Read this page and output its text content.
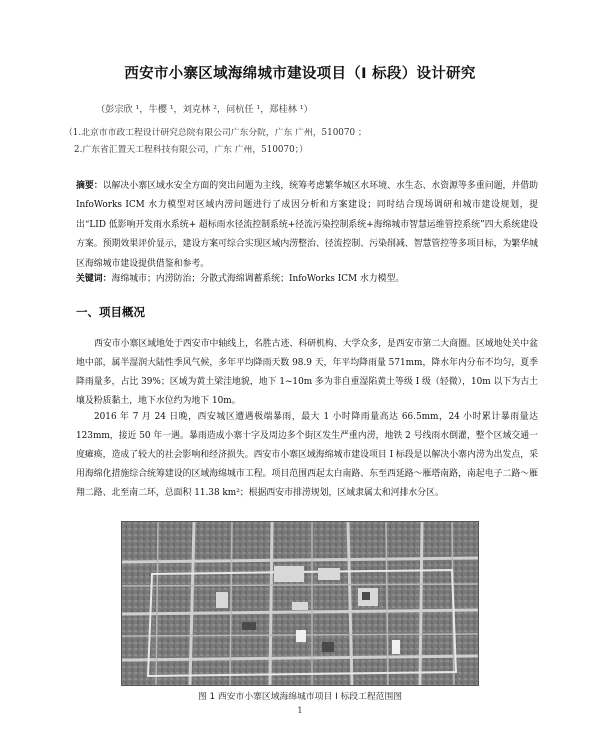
西安市小寨区域海绵城市建设项目（I 标段）设计研究
（彭宗欣 ¹，牛樱 ¹，刘克林 ²，问杭任 ¹，郑桂林 ¹）
（1.北京市市政工程设计研究总院有限公司广东分院，广东 广州，510070 ；
2.广东省汇置天工程科技有限公司，广东 广州，510070；）
摘要：以解决小寨区域水安全方面的突出问题为主线，统筹考虑繁华城区水环境、水生态、水资源等多重问题，并借助 InfoWorks ICM 水力模型对区域内涝问题进行了成因分析和方案建设；同时结合现场调研和城市建设规划，提出“LID 低影响开发雨水系统+ 超标雨水径流控制系统+径流污染控制系统+海绵城市智慧运维管控系统”四大系统建设方案。预期效果评价显示，建设方案可综合实现区域内涝整治、径流控制、污染削减、智慧管控等多项目标，为繁华城区海绵城市建设提供借鉴和参考。
关键词：海绵城市；内涝防治；分散式海绵调蓄系统；InfoWorks ICM 水力模型。
一、项目概况
西安市小寨区域地处于西安市中轴线上，名胜古迹、科研机构、大学众多，是西安市第二大商圈。区域地处关中盆地中部，属半湿润大陆性季风气候，多年平均降雨天数 98.9 天，年平均降雨量 571mm，降水年内分布不均匀，夏季降雨量多，占比 39%；区域为黄土梁洼地貌，地下 1~10m 多为非自重湿陷黄土等级 I 级（轻微），10m 以下为古土壤及粉质黏土，地下水位约为地下 10m。
2016 年 7 月 24 日晚，西安城区遭遇极端暴雨，最大 1 小时降雨量高达 66.5mm，24 小时累计暴雨量达 123mm，接近 50 年一遇。暴雨造成小寨十字及周边多个街区发生严重内涝，地铁 2 号线雨水倒灌，整个区域交通一度瘫痪，造成了较大的社会影响和经济损失。西安市小寨区域海绵城市建设项目 I 标段是以解决小寨内涝为出发点，采用海绵化措施综合统筹建设的区域海绵城市工程。项目范围西起太白南路、东至西延路～雁塔南路，南起电子二路～雁翔二路、北至南二环，总面积 11.38 km²；根据西安市排涝规划，区域隶属太和河排水分区。
图 1 西安市小寨区域海绵城市项目 I 标段工程范围图
1
